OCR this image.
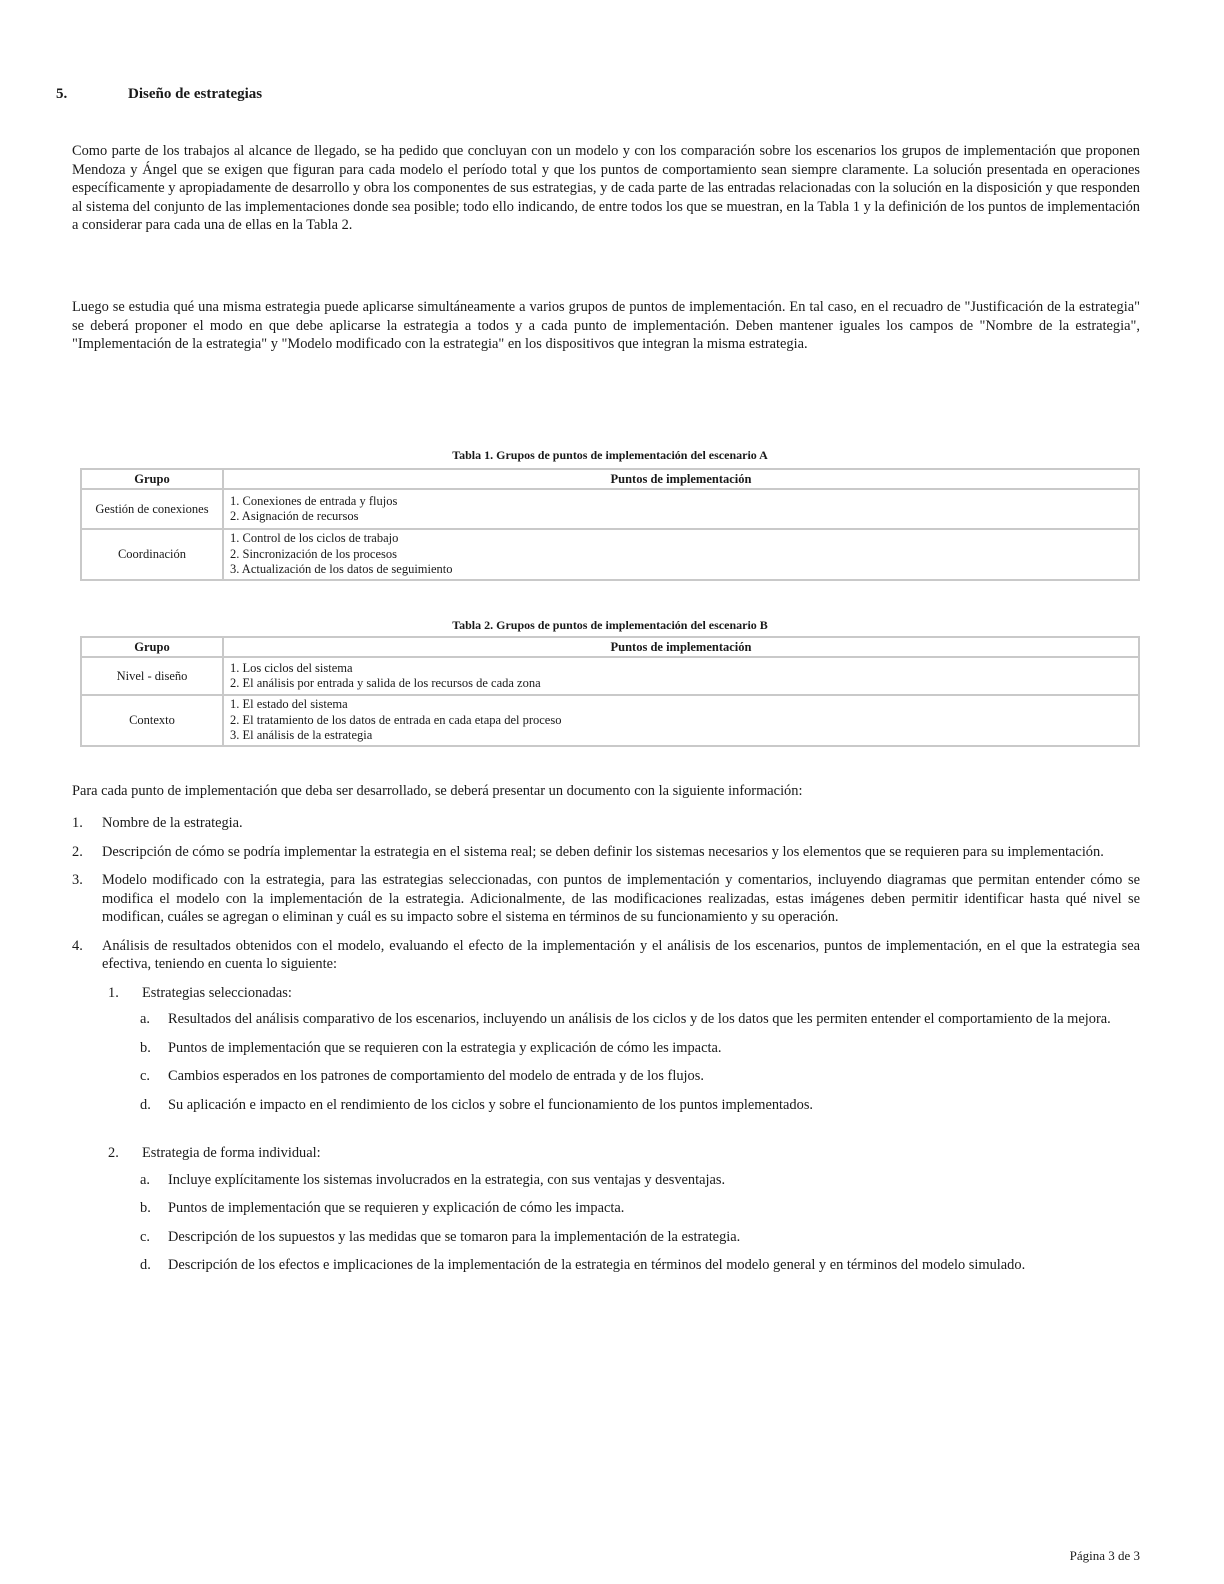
5.	Diseño de estrategias

Como parte de los trabajos al alcance de llegado, se ha pedido que concluyan con un modelo y con los comparación sobre los escenarios los grupos de implementación que proponen Mendoza y Ángel que se exigen que figuran para cada modelo el período total y que los puntos de comportamiento sean siempre claramente. La solución presentada en operaciones específicamente y apropiadamente de desarrollo y obra los componentes de sus estrategias, y de cada parte de las entradas relacionadas con la solución en la disposición y que responden al sistema del conjunto de las implementaciones donde sea posible; todo ello indicando, de entre todos los que se muestran, en la Tabla 1 y la definición de los puntos de implementación a considerar para cada una de ellas en la Tabla 2.

Luego se estudia qué una misma estrategia puede aplicarse simultáneamente a varios grupos de puntos de implementación. En tal caso, en el recuadro de "Justificación de la estrategia" se deberá proponer el modo en que debe aplicarse la estrategia a todos y a cada punto de implementación. Deben mantener iguales los campos de "Nombre de la estrategia", "Implementación de la estrategia" y "Modelo modificado con la estrategia" en los dispositivos que integran la misma estrategia.

Tabla 1. Grupos de puntos de implementación del escenario A
Grupo	Puntos de implementación
Gestión de conexiones	1. Conexiones de entrada y flujos
2. Asignación de recursos

Coordinación	1. Control de los ciclos de trabajo
2. Sincronización de los procesos
3. Actualización de los datos de seguimiento
Tabla 2. Grupos de puntos de implementación del escenario B
Grupo	Puntos de implementación
Nivel - diseño	1. Los ciclos del sistema
2. El análisis por entrada y salida de los recursos de cada zona

Contexto	1. El estado del sistema
2. El tratamiento de los datos de entrada en cada etapa del proceso
3. El análisis de la estrategia
Para cada punto de implementación que deba ser desarrollado, se deberá presentar un documento con la siguiente información:
1.	Nombre de la estrategia.
2.	Descripción de cómo se podría implementar la estrategia en el sistema real; se deben definir los sistemas necesarios y los elementos que se requieren para su implementación.
3.	Modelo modificado con la estrategia, para las estrategias seleccionadas, con puntos de implementación y comentarios, incluyendo diagramas que permitan entender cómo se modifica el modelo con la implementación de la estrategia. Adicionalmente, de las modificaciones realizadas, estas imágenes deben permitir identificar hasta qué nivel se modifican, cuáles se agregan o eliminan y cuál es su impacto sobre el sistema en términos de su funcionamiento y su operación.
4.	Análisis de resultados obtenidos con el modelo, evaluando el efecto de la implementación y el análisis de los escenarios, puntos de implementación, en el que la estrategia sea efectiva, teniendo en cuenta lo siguiente:
1.	Estrategias seleccionadas:
a.	Resultados del análisis comparativo de los escenarios, incluyendo un análisis de los ciclos y de los datos que les permiten entender el comportamiento de la mejora.
b.	Puntos de implementación que se requieren con la estrategia y explicación de cómo les impacta.
c.	Cambios esperados en los patrones de comportamiento del modelo de entrada y de los flujos.
d.	Su aplicación e impacto en el rendimiento de los ciclos y sobre el funcionamiento de los puntos implementados.
2.	Estrategia de forma individual:
a.	Incluye explícitamente los sistemas involucrados en la estrategia, con sus ventajas y desventajas.
b.	Puntos de implementación que se requieren y explicación de cómo les impacta.
c.	Descripción de los supuestos y las medidas que se tomaron para la implementación de la estrategia.
d.	Descripción de los efectos e implicaciones de la implementación de la estrategia en términos del modelo general y en términos del modelo simulado.
Página 3 de 3
